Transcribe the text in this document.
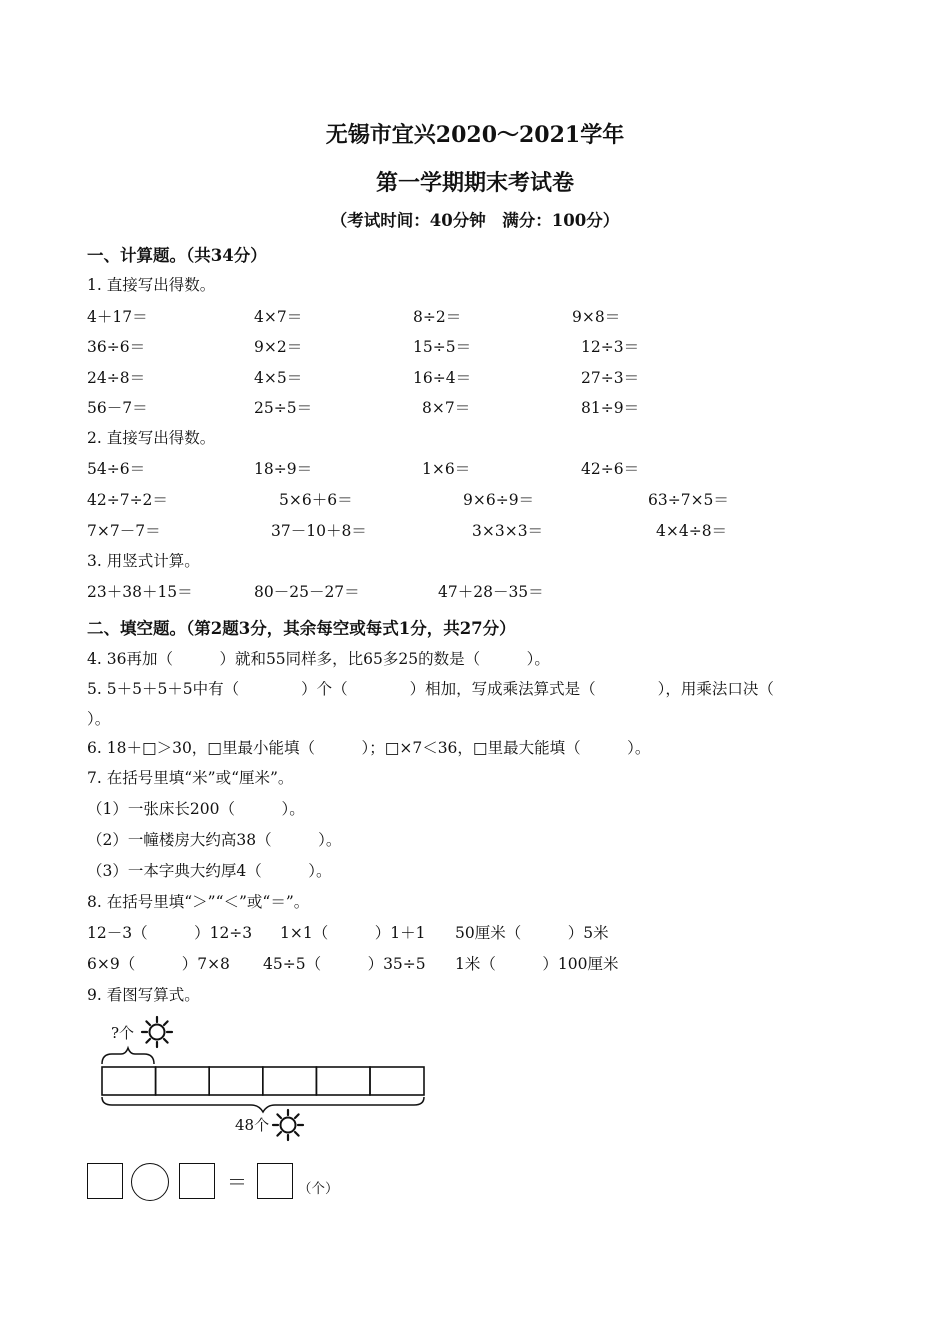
无锡市宜兴2020～2021学年
第一学期期末考试卷
（考试时间：40分钟　满分：100分）
一、计算题。（共34分）
1. 直接写出得数。
4＋17＝	4×7＝	8÷2＝	9×8＝
36÷6＝	9×2＝	15÷5＝	12÷3＝
24÷8＝	4×5＝	16÷4＝	27÷3＝
56－7＝	25÷5＝	8×7＝	81÷9＝
2. 直接写出得数。
54÷6＝	18÷9＝	1×6＝	42÷6＝
42÷7÷2＝	5×6＋6＝	9×6÷9＝	63÷7×5＝
7×7－7＝	37－10＋8＝	3×3×3＝	4×4÷8＝
3. 用竖式计算。
23＋38＋15＝	80－25－27＝	47＋28－35＝
二、填空题。（第2题3分，其余每空或每式1分，共27分）
4. 36再加（　　　）就和55同样多，比65多25的数是（　　　）。
5. 5＋5＋5＋5中有（　　　　）个（　　　　）相加，写成乘法算式是（　　　　），用乘法口决（
）。
6. 18＋□＞30，□里最小能填（　　　）；□×7＜36，□里最大能填（　　　）。
7. 在括号里填“米”或“厘米”。
（1）一张床长200（　　　）。
（2）一幢楼房大约高38（　　　）。
（3）一本字典大约厚4（　　　）。
8. 在括号里填“＞”“＜”或“＝”。
12－3（　　　）12÷3 1×1（　　　）1＋1 50厘米（　　　）5米
6×9（　　　）7×8 45÷5（　　　）35÷5 1米（　　　）100厘米
9. 看图写算式。
?个
48个
＝	（个）
